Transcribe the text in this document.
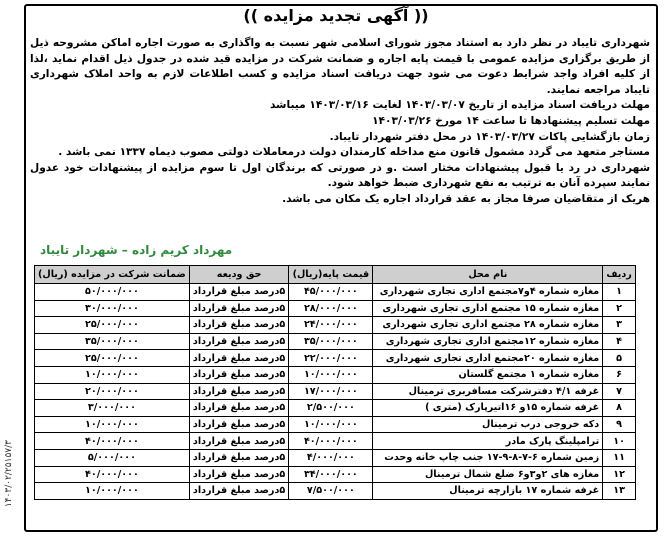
(( آگهی تجدید مزایده ))
۱۴۰۳/۰۲/۲۵۱۵۷/۳

شهرداری تایباد در نظر دارد به استناد مجوز شورای اسلامی شهر نسبت به واگذاری به صورت اجاره اماکن مشروحه ذیل از طریق برگزاری مزایده عمومی با قیمت پایه اجاره و ضمانت شرکت در مزایده قید شده در جدول ذیل اقدام نماید ،لذا از کلیه افراد واجد شرایط دعوت می شود جهت دریافت اسناد مزایده و کسب اطلاعات لازم به واحد املاک شهرداری تایباد مراجعه نمایند.

مهلت دریافت اسناد مزایده از تاریخ ۱۴۰۳/۰۳/۰۷ لغایت ۱۴۰۳/۰۳/۱۶ میباشد

مهلت تسلیم پیشنهادها تا ساعت ۱۴ مورخ ۱۴۰۳/۰۳/۲۶

زمان بازگشایی پاکات ۱۴۰۳/۰۳/۲۷ در محل دفتر شهردار تایباد.

مستاجر متعهد می گردد مشمول قانون منع مداخله کارمندان دولت درمعاملات دولتی مصوب دیماه ۱۳۳۷ نمی باشد .

شهرداری در رد یا قبول پیشنهادات مختار است .و در صورتی که برندگان اول تا سوم مزایده از پیشنهادات خود عدول نمایند سپرده آنان به ترتیب به نفع شهرداری ضبط خواهد شود.

هریک از متقاضیان صرفا مجاز به عقد قرارداد اجاره یک مکان می باشد.

مهرداد کریم زاده – شهردار تایباد
ردیف	نام محل	قیمت پایه(ریال)	حق ودیعه	ضمانت شرکت در مزایده (ریال)
۱	مغازه شماره ۴و۷مجتمع اداری تجاری شهرداری	۴۵/۰۰۰/۰۰۰	۵درصد مبلغ قرارداد	۵۰/۰۰۰/۰۰۰
۲	مغازه شماره ۱۵ مجتمع اداری تجاری شهرداری	۲۸/۰۰۰/۰۰۰	۵درصد مبلغ قرارداد	۳۰/۰۰۰/۰۰۰
۳	مغازه شماره ۲۸ مجتمع اداری تجاری شهرداری	۲۴/۰۰۰/۰۰۰	۵درصد مبلغ قرارداد	۲۵/۰۰۰/۰۰۰
۴	مغازه شماره ۱۲مجتمع اداری تجاری شهرداری	۳۵/۰۰۰/۰۰۰	۵درصد مبلغ قرارداد	۳۵/۰۰۰/۰۰۰
۵	مغازه شماره ۲۰مجتمع اداری تجاری شهرداری	۲۲/۰۰۰/۰۰۰	۵درصد مبلغ قرارداد	۲۵/۰۰۰/۰۰۰
۶	مغازه شماره ۱ مجتمع گلستان	۱۰/۰۰۰/۰۰۰	۵درصد مبلغ قرارداد	۱۰/۰۰۰/۰۰۰
۷	غرفه ۴/۱ دفترشرکت مسافربری ترمینال	۱۷/۰۰۰/۰۰۰	۵درصد مبلغ قرارداد	۲۰/۰۰۰/۰۰۰
۸	غرفه شماره ۱۵و ۱۶اتیرپارک (متری )	۲/۵۰۰/۰۰۰	۵درصد مبلغ قرارداد	۳/۰۰۰/۰۰۰
۹	دکه خروجی درب ترمینال	۱۰/۰۰۰/۰۰۰	۵درصد مبلغ قرارداد	۱۰/۰۰۰/۰۰۰
۱۰	ترامپلینگ پارک مادر	۴۰/۰۰۰/۰۰۰	۵درصد مبلغ قرارداد	۴۰/۰۰۰/۰۰۰
۱۱	زمین شماره ۶-۷-۸-۹-۱۷ جنب چاپ خانه وحدت	۴/۰۰۰/۰۰۰	۵درصد مبلغ قرارداد	۵/۰۰۰/۰۰۰
۱۲	مغازه های ۲و۳و۶ ضلع شمال ترمینال	۳۴/۰۰۰/۰۰۰	۵درصد مبلغ قرارداد	۴۰/۰۰۰/۰۰۰
۱۳	غرفه شماره ۱۷ بازارچه ترمینال	۷/۵۰۰/۰۰۰	۵درصد مبلغ قرارداد	۱۰/۰۰۰/۰۰۰
